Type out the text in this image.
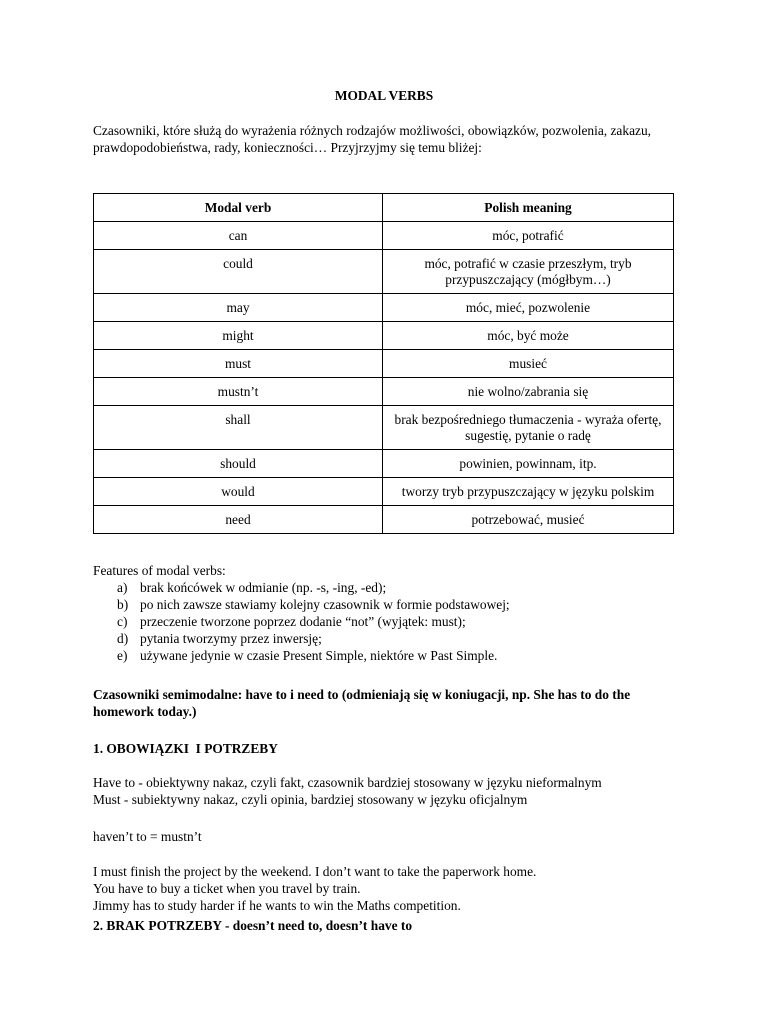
MODAL VERBS
Czasowniki, które służą do wyrażenia różnych rodzajów możliwości, obowiązków, pozwolenia, zakazu, prawdopodobieństwa, rady, konieczności… Przyjrzyjmy się temu bliżej:
Modal verb	Polish meaning
can	móc, potrafić
could	móc, potrafić w czasie przeszłym, tryb przypuszczający (mógłbym…)
may	móc, mieć, pozwolenie
might	móc, być może
must	musieć
mustn’t	nie wolno/zabrania się
shall	brak bezpośredniego tłumaczenia - wyraża ofertę, sugestię, pytanie o radę
should	powinien, powinnam, itp.
would	tworzy tryb przypuszczający w języku polskim
need	potrzebować, musieć
Features of modal verbs:
a) brak końcówek w odmianie (np. -s, -ing, -ed);
b) po nich zawsze stawiamy kolejny czasownik w formie podstawowej;
c) przeczenie tworzone poprzez dodanie “not” (wyjątek: must);
d) pytania tworzymy przez inwersję;
e) używane jedynie w czasie Present Simple, niektóre w Past Simple.
Czasowniki semimodalne: have to i need to (odmieniają się w koniugacji, np. She has to do the homework today.)
1. OBOWIĄZKI  I POTRZEBY
Have to - obiektywny nakaz, czyli fakt, czasownik bardziej stosowany w języku nieformalnym
Must - subiektywny nakaz, czyli opinia, bardziej stosowany w języku oficjalnym
haven’t to = mustn’t
I must finish the project by the weekend. I don’t want to take the paperwork home.
You have to buy a ticket when you travel by train.
Jimmy has to study harder if he wants to win the Maths competition.
2. BRAK POTRZEBY - doesn’t need to, doesn’t have to
